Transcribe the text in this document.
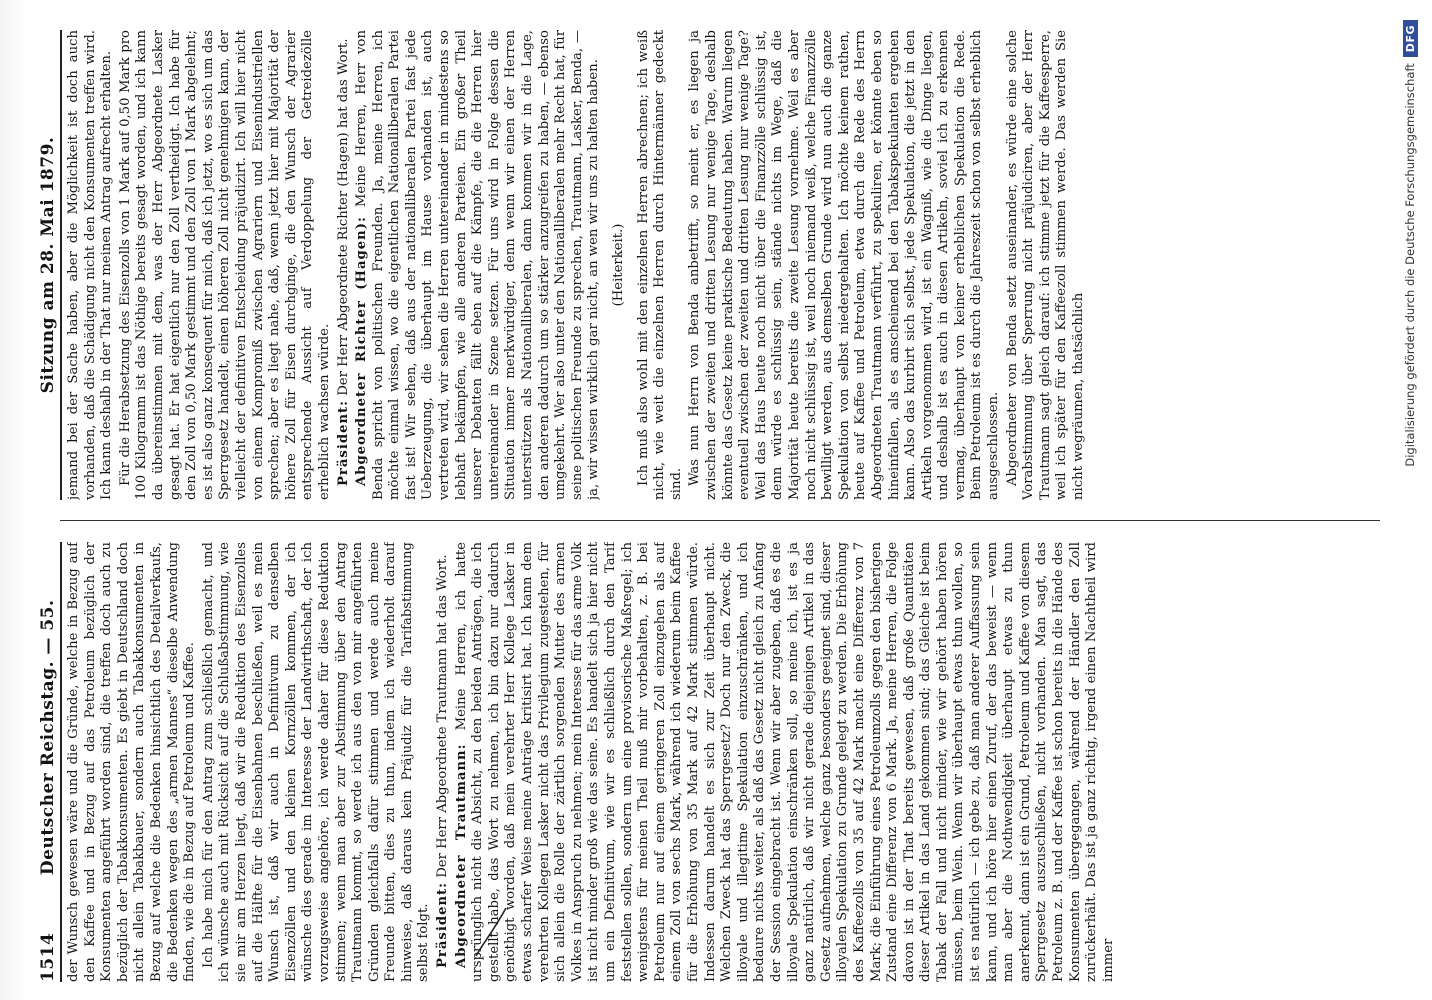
1514
Deutscher Reichstag. — 55.
Sitzung am 28. Mai 1879.

der Wunsch gewesen wäre und die Gründe, welche in Bezug auf den Kaffee und in Bezug auf das Petroleum bezüglich der Konsumenten angeführt worden sind, die treffen doch auch zu bezüglich der Tabakkonsumenten. Es giebt in Deutschland doch nicht allein Tabakbauer, sondern auch Tabakkonsumenten in Bezug auf welche die Bedenken hinsichtlich des Detailverkaufs, die Bedenken wegen des „armen Mannes“ dieselbe Anwendung finden, wie die in Bezug auf Petroleum und Kaffee. Ich habe mich für den Antrag zum schließlich gemacht, und ich wünsche auch mit Rücksicht auf die Schlußabstimmung, wie sie mir am Herzen liegt, daß wir die Reduktion des Eisenzolles auf die Hälfte für die Eisenbahnen beschließen, weil es mein Wunsch ist, daß wir auch in Definitivum zu denselben Eisenzöllen und den kleinen Kornzöllen kommen, der ich wünsche dies gerade im Interesse der Landwirthschaft, der ich vorzugsweise angehöre, ich werde daher für diese Reduktion stimmen; wenn man aber zur Abstimmung über den Antrag Trautmann kommt, so werde ich aus den von mir angeführten Gründen gleichfalls dafür stimmen und werde auch meine Freunde bitten, dies zu thun, indem ich wiederholt darauf hinweise, daß daraus kein Präjudiz für die Tarifabstimmung selbst folgt. Präsident: Der Herr Abgeordnete Trautmann hat das Wort. Abgeordneter Trautmann: Meine Herren, ich hatte ursprünglich nicht die Absicht, zu den beiden Anträgen, die ich gestellt habe, das Wort zu nehmen, ich bin dazu nur dadurch genöthigt worden, daß mein verehrter Herr Kollege Lasker in etwas scharfer Weise meine Anträge kritisirt hat. Ich kann dem verehrten Kollegen Lasker nicht das Privilegium zugestehen, für sich allein die Rolle der zärtlich sorgenden Mutter des armen Volkes in Anspruch zu nehmen; mein Interesse für das arme Volk ist nicht minder groß wie das seine. Es handelt sich ja hier nicht um ein Definitivum, wie wir es schließlich durch den Tarif feststellen sollen, sondern um eine provisorische Maßregel; ich wenigstens für meinen Theil muß mir vorbehalten, z. B. bei Petroleum nur auf einem geringeren Zoll einzugehen als auf einem Zoll von sechs Mark, während ich wiederum beim Kaffee für die Erhöhung von 35 Mark auf 42 Mark stimmen würde. Indessen darum handelt es sich zur Zeit überhaupt nicht. Welchen Zweck hat das Sperrgesetz? Doch nur den Zweck, die illoyale und illegitime Spekulation einzuschränken, und ich bedaure nichts weiter, als daß das Gesetz nicht gleich zu Anfang der Session eingebracht ist. Wenn wir aber zugeben, daß es die illoyale Spekulation einschränken soll, so meine ich, ist es ja ganz natürlich, daß wir nicht gerade diejenigen Artikel in das Gesetz aufnehmen, welche ganz besonders geeignet sind, dieser illoyalen Spekulation zu Grunde gelegt zu werden. Die Erhöhung des Kaffeezolls von 35 auf 42 Mark macht eine Differenz von 7 Mark; die Einführung eines Petroleumzolls gegen den bisherigen Zustand eine Differenz von 6 Mark. Ja, meine Herren, die Folge davon ist in der That bereits gewesen, daß große Quantitäten dieser Artikel in das Land gekommen sind; das Gleiche ist beim Tabak der Fall und nicht minder, wie wir gehört haben hören müssen, beim Wein. Wenn wir überhaupt etwas thun wollen, so ist es natürlich — ich gebe zu, daß man anderer Auffassung sein kann, und ich höre hier einen Zuruf, der das beweist — wenn man aber die Nothwendigkeit überhaupt etwas zu thun anerkennt, dann ist ein Grund, Petroleum und Kaffee von diesem Sperrgesetz auszuschließen, nicht vorhanden. Man sagt, das Petroleum z. B. und der Kaffee ist schon bereits in die Hände des Konsumenten übergegangen, während der Händler den Zoll zurückerhält. Das ist ja ganz richtig, irgend einen Nachtheil wird immer

jemand bei der Sache haben, aber die Möglichkeit ist doch auch vorhanden, daß die Schädigung nicht den Konsumenten treffen wird. Ich kann deshalb in der That nur meinen Antrag aufrecht erhalten. Für die Herabsetzung des Eisenzolls von 1 Mark auf 0,50 Mark pro 100 Kilogramm ist das Nöthige bereits gesagt worden, und ich kann da übereinstimmen mit dem, was der Herr Abgeordnete Lasker gesagt hat. Er hat eigentlich nur den Zoll vertheidigt. Ich habe für den Zoll von 0,50 Mark gestimmt und den Zoll von 1 Mark abgelehnt; es ist also ganz konsequent für mich, daß ich jetzt, wo es sich um das Sperrgesetz handelt, einen höheren Zoll nicht genehmigen kann, der vielleicht der definitiven Entscheidung präjudizirt. Ich will hier nicht von einem Kompromiß zwischen Agrariern und Eisenindustriellen sprechen; aber es liegt nahe, daß, wenn jetzt hier mit Majorität der höhere Zoll für Eisen durchginge, die den Wunsch der Agrarier entsprechende Aussicht auf Verdoppelung der Getreidezölle erheblich wachsen würde. Präsident: Der Herr Abgeordnete Richter (Hagen) hat das Wort. Abgeordneter Richter (Hagen): Meine Herren, Herr von Benda spricht von politischen Freunden. Ja, meine Herren, ich möchte einmal wissen, wo die eigentlichen Nationalliberalen Partei fast ist! Wir sehen, daß aus der nationalliberalen Partei fast jede Ueberzeugung, die überhaupt im Hause vorhanden ist, auch vertreten wird, wir sehen die Herren untereinander in mindestens so lebhaft bekämpfen, wie alle anderen Parteien. Ein großer Theil unserer Debatten fällt eben auf die Kämpfe, die die Herren hier untereinander in Szene setzen. Für uns wird in Folge dessen die Situation immer merkwürdiger, denn wenn wir einen der Herren unterstützen als Nationalliberalen, dann kommen wir in die Lage, den anderen dadurch um so stärker anzugreifen zu haben, — ebenso umgekehrt. Wer also unter den Nationalliberalen mehr Recht hat, für seine politischen Freunde zu sprechen, Trautmann, Lasker, Benda, — ja, wir wissen wirklich gar nicht, an wen wir uns zu halten haben. (Heiterkeit.) Ich muß also wohl mit den einzelnen Herren abrechnen; ich weiß nicht, wie weit die einzelnen Herren durch Hintermänner gedeckt sind. Was nun Herrn von Benda anbetrifft, so meint er, es liegen ja zwischen der zweiten und dritten Lesung nur wenige Tage, deshalb könnte das Gesetz keine praktische Bedeutung haben. Warum liegen eventuell zwischen der zweiten und dritten Lesung nur wenige Tage? Weil das Haus heute noch nicht über die Finanzzölle schlüssig ist, denn würde es schlüssig sein, stände nichts im Wege, daß die Majorität heute bereits die zweite Lesung vornehme. Weil es aber noch nicht schlüssig ist, weil noch niemand weiß, welche Finanzzölle bewilligt werden, aus demselben Grunde wird nun auch die ganze Spekulation von selbst niedergehalten. Ich möchte keinem rathen, heute auf Kaffee und Petroleum, etwa durch die Rede des Herrn Abgeordneten Trautmann verführt, zu spekuliren, er könnte eben so hineinfallen, als es anscheinend bei den Tabakspekulanten ergehen kann. Also das kurbirt sich selbst, jede Spekulation, die jetzt in den Artikeln vorgenommen wird, ist ein Wagniß, wie die Dinge liegen, und deshalb ist es auch in diesen Artikeln, soviel ich zu erkennen vermag, überhaupt von keiner erheblichen Spekulation die Rede. Beim Petroleum ist es durch die Jahreszeit schon von selbst erheblich ausgeschlossen. Abgeordneter von Benda setzt auseinander, es würde eine solche Vorabstimmung über Sperrung nicht präjudiciren, aber der Herr Trautmann sagt gleich darauf: ich stimme jetzt für die Kaffeesperre, weil ich später für den Kaffeezoll stimmen werde. Das werden Sie nicht wegräumen, thatsächlich	Digitalisierung gefördert durch die Deutsche Forschungsgemeinschaft
DFG
